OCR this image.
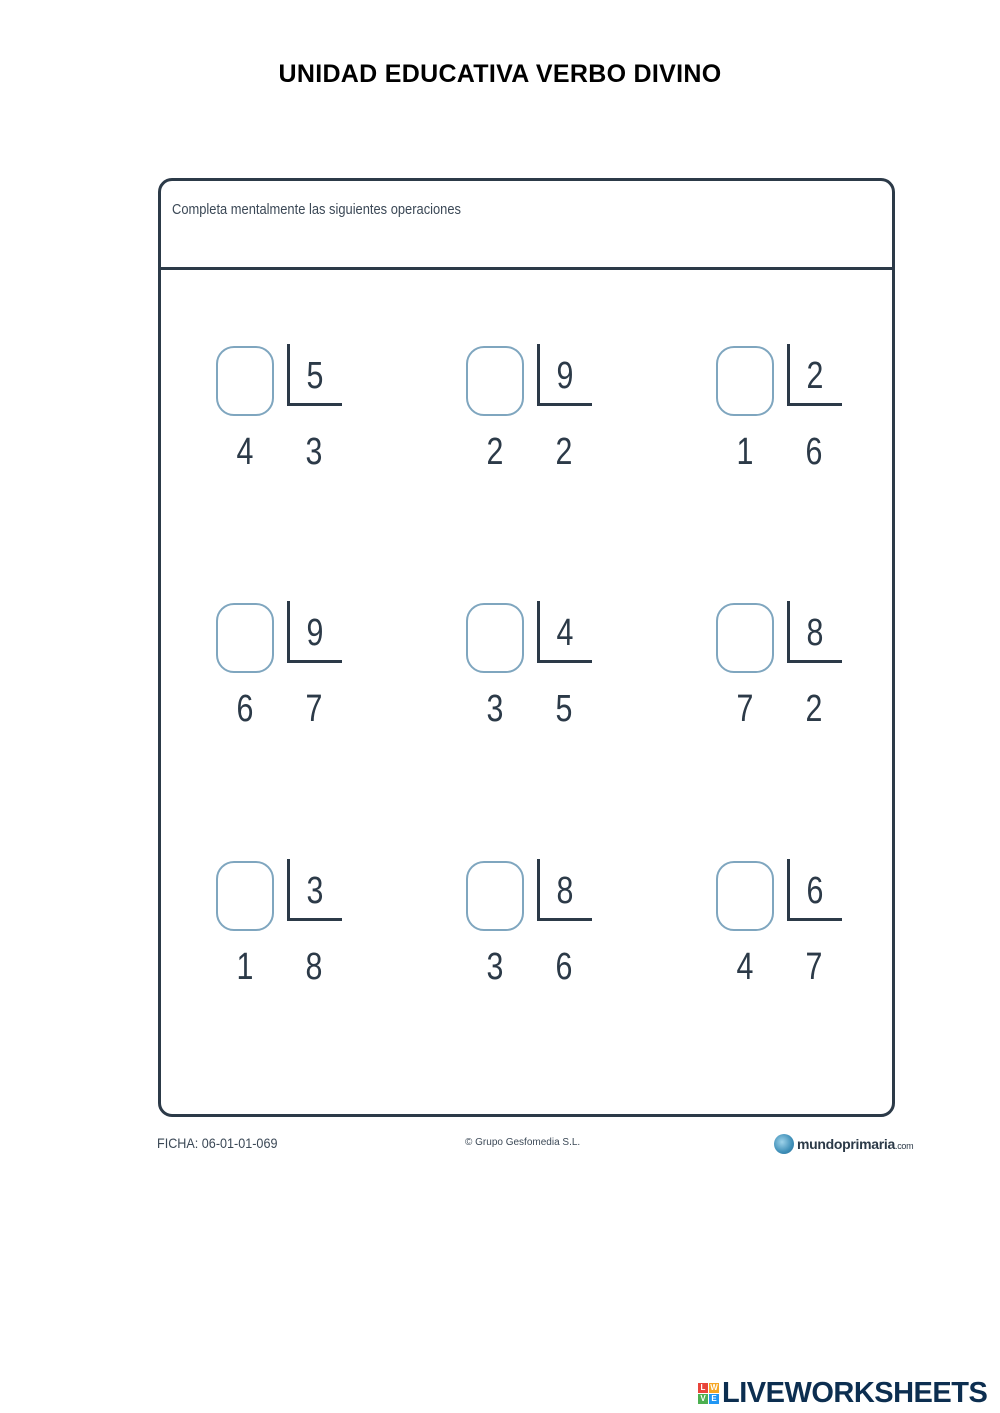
UNIDAD EDUCATIVA VERBO DIVINO
Completa mentalmente las siguientes operaciones
5
4 3
9
2 2
2
1 6
9
6 7
4
3 5
8
7 2
3
1 8
8
3 6
6
4 7
FICHA: 06-01-01-069	© Grupo Gesfomedia S.L.	mundoprimaria.com
L W
V E LIVEWORKSHEETS
